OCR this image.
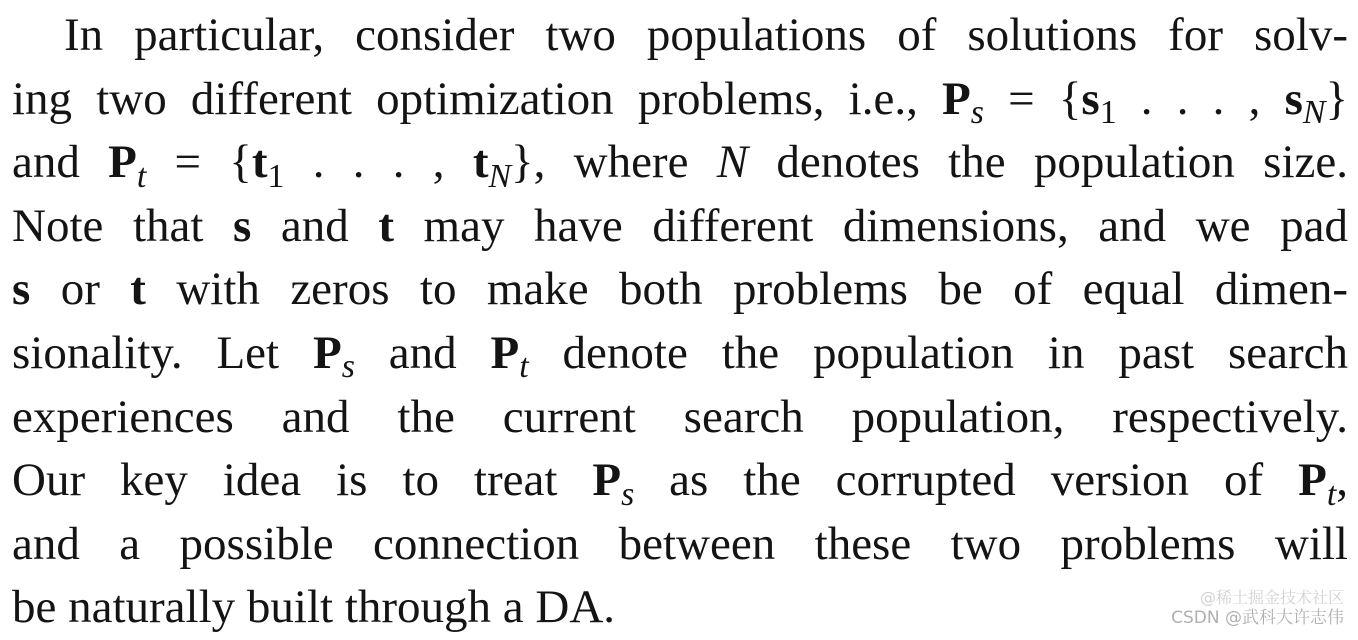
In particular, consider two populations of solutions for solv-
ing two different optimization problems, i.e., $P_s = \{s_1$ . . . , $s_N$}
and $P_t = \{t_1$ . . . , $t_N$}, where N denotes the population size.
Note that s and t may have different dimensions, and we pad
s or t with zeros to make both problems be of equal dimen-
sionality. Let $P_s$ and $P_t$ denote the population in past search
experiences and the current search population, respectively.
Our key idea is to treat $P_s$ as the corrupted version of $P_t$,
and a possible connection between these two problems will
be naturally built through a DA.	@稀土掘金技术社区
CSDN @武科大许志伟
